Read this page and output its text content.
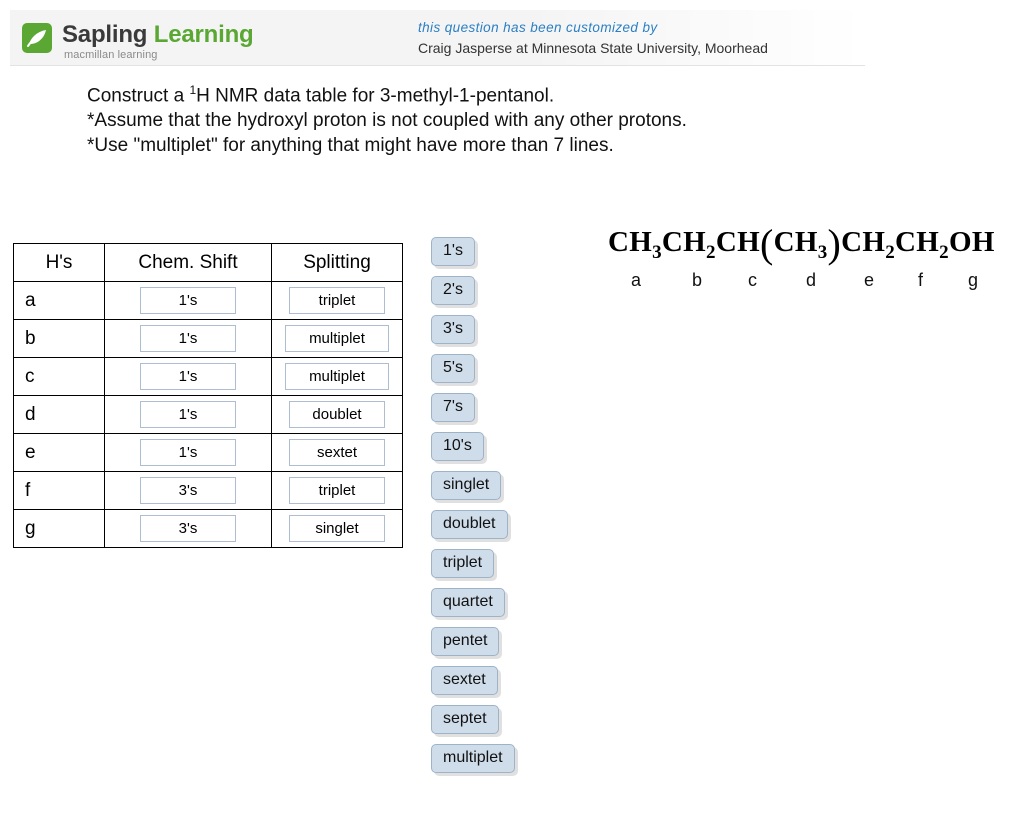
Sapling Learning
macmillan learning
this question has been customized by
Craig Jasperse at Minnesota State University, Moorhead
Construct a $^1$H NMR data table for 3-methyl-1-pentanol.
*Assume that the hydroxyl proton is not coupled with any other protons.
*Use "multiplet" for anything that might have more than 7 lines.
H's	Chem. Shift	Splitting
a	1's	triplet
b	1's	multiplet
c	1's	multiplet
d	1's	doublet
e	1's	sextet
f	3's	triplet
g	3's	singlet
1's
2's
3's
5's
7's
10's
singlet
doublet
triplet
quartet
pentet
sextet
septet
multiplet
$CH_3CH_2CH(CH_3)CH_2CH_2OH$
a	b	c	d	e f g
